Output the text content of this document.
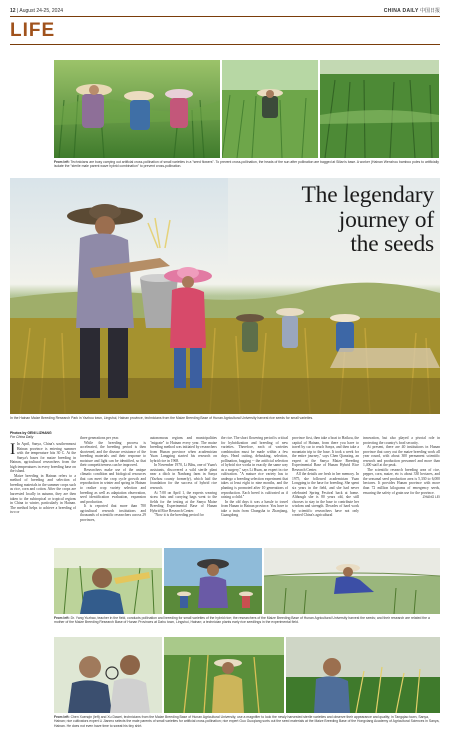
12 | August 24-25, 2024	CHINA DAILY 中国日报
LIFE
From left: Technicians are busy carrying out artificial cross-pollination of small varieties in a "seed flowers". To prevent cross-pollination, the heads of the sun after pollination are bagged at Silian's base. A worker (Hainan Wenzhou bamboo poles to artificially isolate the "sterile male parent wave hybrid combination" to prevent cross-pollination.
The legendary
journey of
the seeds
In the Hainan Maize Breeding Research Park in Yazhou town, Lingshui, Hainan province, technicians from the Maize Breeding Base of Hunan Agricultural University harvest rice seeds for small varieties.
Photos by GENI LIZHANG
For China Daily

I In April, Sanya, China's southernmost Hainan province is entering summer with the temperature hits 30 C. At the Sanya's bases for maize breeding in Hainan, agricultural researchers from the high temperatures in every breeding base on the island.

Maize breeding in Hainan refers to a method of breeding and selection of breeding materials in the summer crops such as rice, corn and cotton. After the crops are harvested locally in autumn, they are then taken to the subtropical or tropical regions in China to winter, particularly in Hainan. The method helps to achieve a breeding of two or

three generations per year.

While the breeding process is accelerated, the breeding period is then shortened, and the disease resistance of the breeding materials and their response to moisture and light can be identified, so that their competitiveness can be improved.

Researchers make use of the unique climatic condition and biological resources that can meet the crop cycle growth and reproduction in winter and spring in Hainan to realize crop variety selection and breeding as well as adaptation observation, seed identification evaluation, expansion and production.

It is reported that more than 700 agricultural research institutions and thousands of scientific researchers across 29 provinces,

autonomous regions and municipalities "migrate" to Hainan every year. The maize breeding method was initiated by researchers from Hunan province when academician Yuan Longping started his research on hybrid rice in 1968.

In November 1970, Li Bihu, one of Yuan's assistants, discovered a wild sterile plant near a ditch in Nanhong farm in Sanya (Yazhou county formerly), which laid the foundation for the success of hybrid rice research.

At 7:00 on April 1, the experts wearing straw hats and carrying bags went to the fields for the testing at the Sanya Maize Breeding Experimental Base of Hunan Hybrid Rice Research Center.

"Now it is the breeding period for

the rice. The short flowering period is critical for hybridization and breeding of new varieties. Therefore, each of varieties combination must be made within a few days. Head cutting, dehusking, selection, pollination, bagging -- the artificial selection of hybrid rice works in exactly the same way as a surgery," says Li Huan, an expert in rice cultivation. "A mature rice variety has to undergo a breeding selection experiment that takes at least eight to nine months, and the planting is promoted after 10 generations of reproduction. Each breed is cultivated as if raising a child."

In the old days it was a hassle to travel from Hunan to Hainan province. You have to take a train from Changsha to Zhanjiang, Guangdong

province first, then take a boat to Haikou, the capital of Hainan, from there you have to travel by car to reach Sanya, and then take a mountain trip to the base. It took a week for the entire journey," says Chen Qianxing, an expert at the Sanya Maize Breeding Experimental Base of Hunan Hybrid Rice Research Center.

All the details are fresh in her memory. In 1975, she followed academician Yuan Longping to the base for breeding. She spent six years in the field, and she had never celebrated Spring Festival back at home. Although she is 80 years old, she still chooses to stay in the base to contribute her wisdom and strength. Decades of hard work by scientific researchers have not only created China's agricultural

innovation, but also played a pivotal role in protecting the country's food security.

At present, there are 40 institutions in Hunan province that carry out the maize breeding work all year round, with about 300 permanent scientific research and production personnel and more than 1,400 staff at the peak.

The scientific research breeding area of rice, pepper, corn, maize, etc is about 330 hectares, and the seasonal seed production area is 5,330 to 6,000 hectares. It provides Hunan province with more than 72 million kilograms of emergency seeds, ensuring the safety of grain use for the province.

ZHANG LEI

From left: Dr. Yang Yuzhao, teacher in the field, conducts pollination and breeding for small varieties of the hybrid rice; the researchers of the Maize Breeding Base of Hunan Agricultural University harvest the seeds; and their research are related the a mother of the Maize Breeding Research Base of Hunan Provinces at Dahu town, Lingshui, Hainan; a technician plants early rice seedlings in the experimental field.
From left: Chen Xuenqin (left) and Xu Dawei, technicians from the Maize Breeding Base of Hunan Agricultural University, use a magnifier to look the newly harvested sterile varieties and observe their appearance and quality; in Tangqiao town, Sanya, Hainan; rice cultivators expert Li Jianmo selects the male parents of small varieties for artificial cross-pollination; rice expert Guo Guoqiang sorts out the seed materials at the Maize Breeding Base of the Hongxiang Academy of Agricultural Sciences in Sanya, Hainan. He does not even have time to sweat his tiny shirt.
